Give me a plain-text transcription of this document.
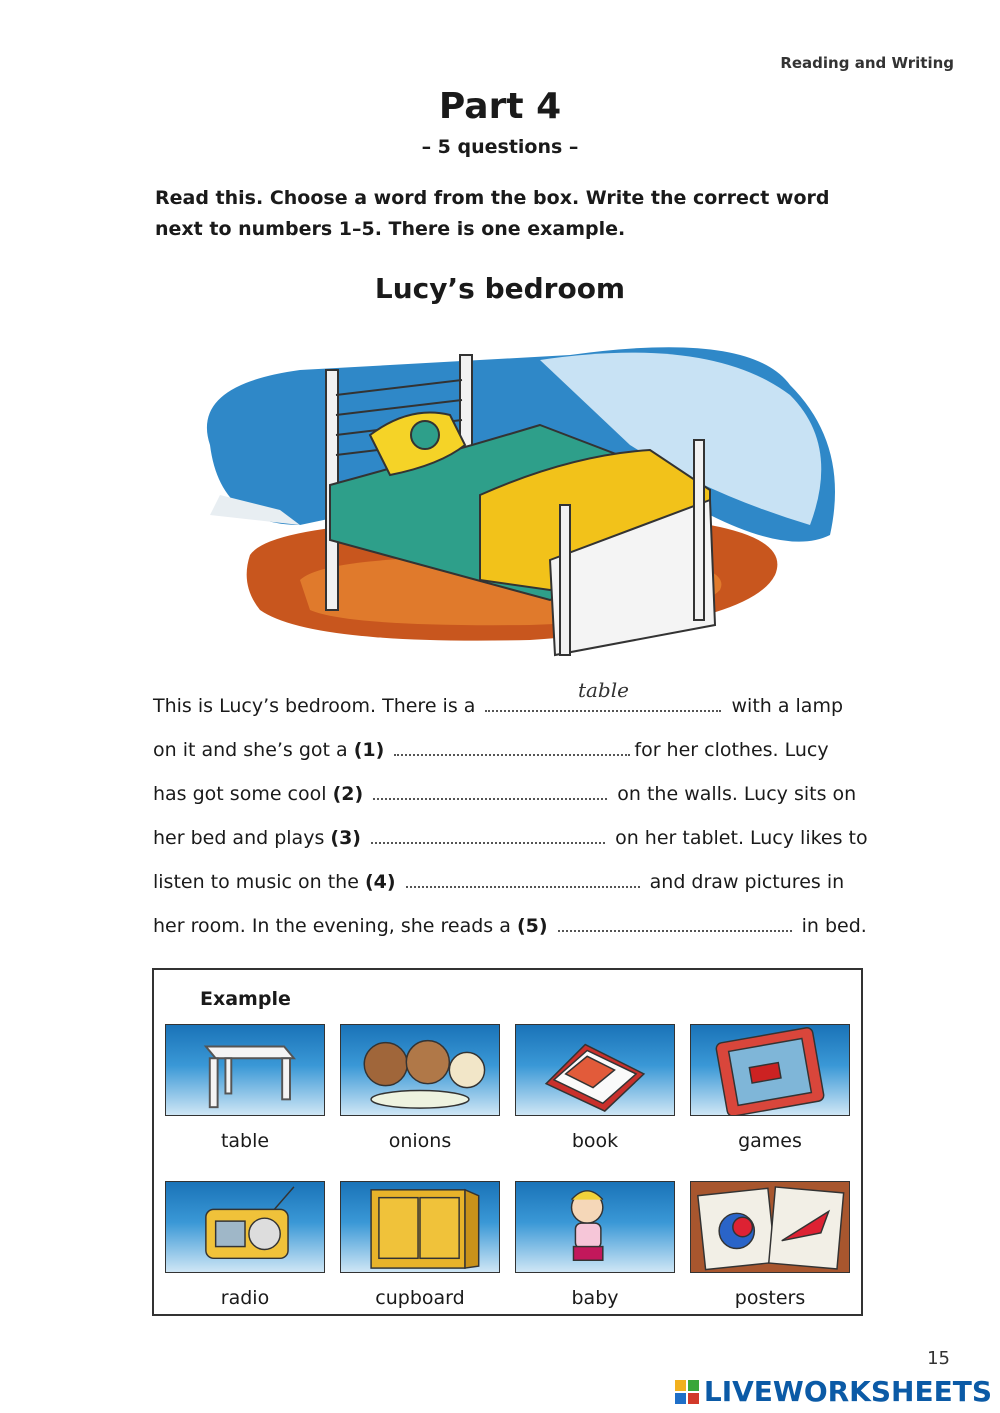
Reading and Writing
Part 4
– 5 questions –
Read this. Choose a word from the box. Write the correct word next to numbers 1–5. There is one example.
Lucy’s bedroom
This is Lucy’s bedroom. There is a
table
with a lamp
on it and she’s got a (1)	for her clothes. Lucy
has got some cool (2)	on the walls. Lucy sits on
her bed and plays (3)	on her tablet. Lucy likes to
listen to music on the (4)	and draw pictures in
her room. In the evening, she reads a (5)	in bed.
Example
table	onions	book	games
radio	cupboard	baby	posters
15
LIVEWORKSHEETS
